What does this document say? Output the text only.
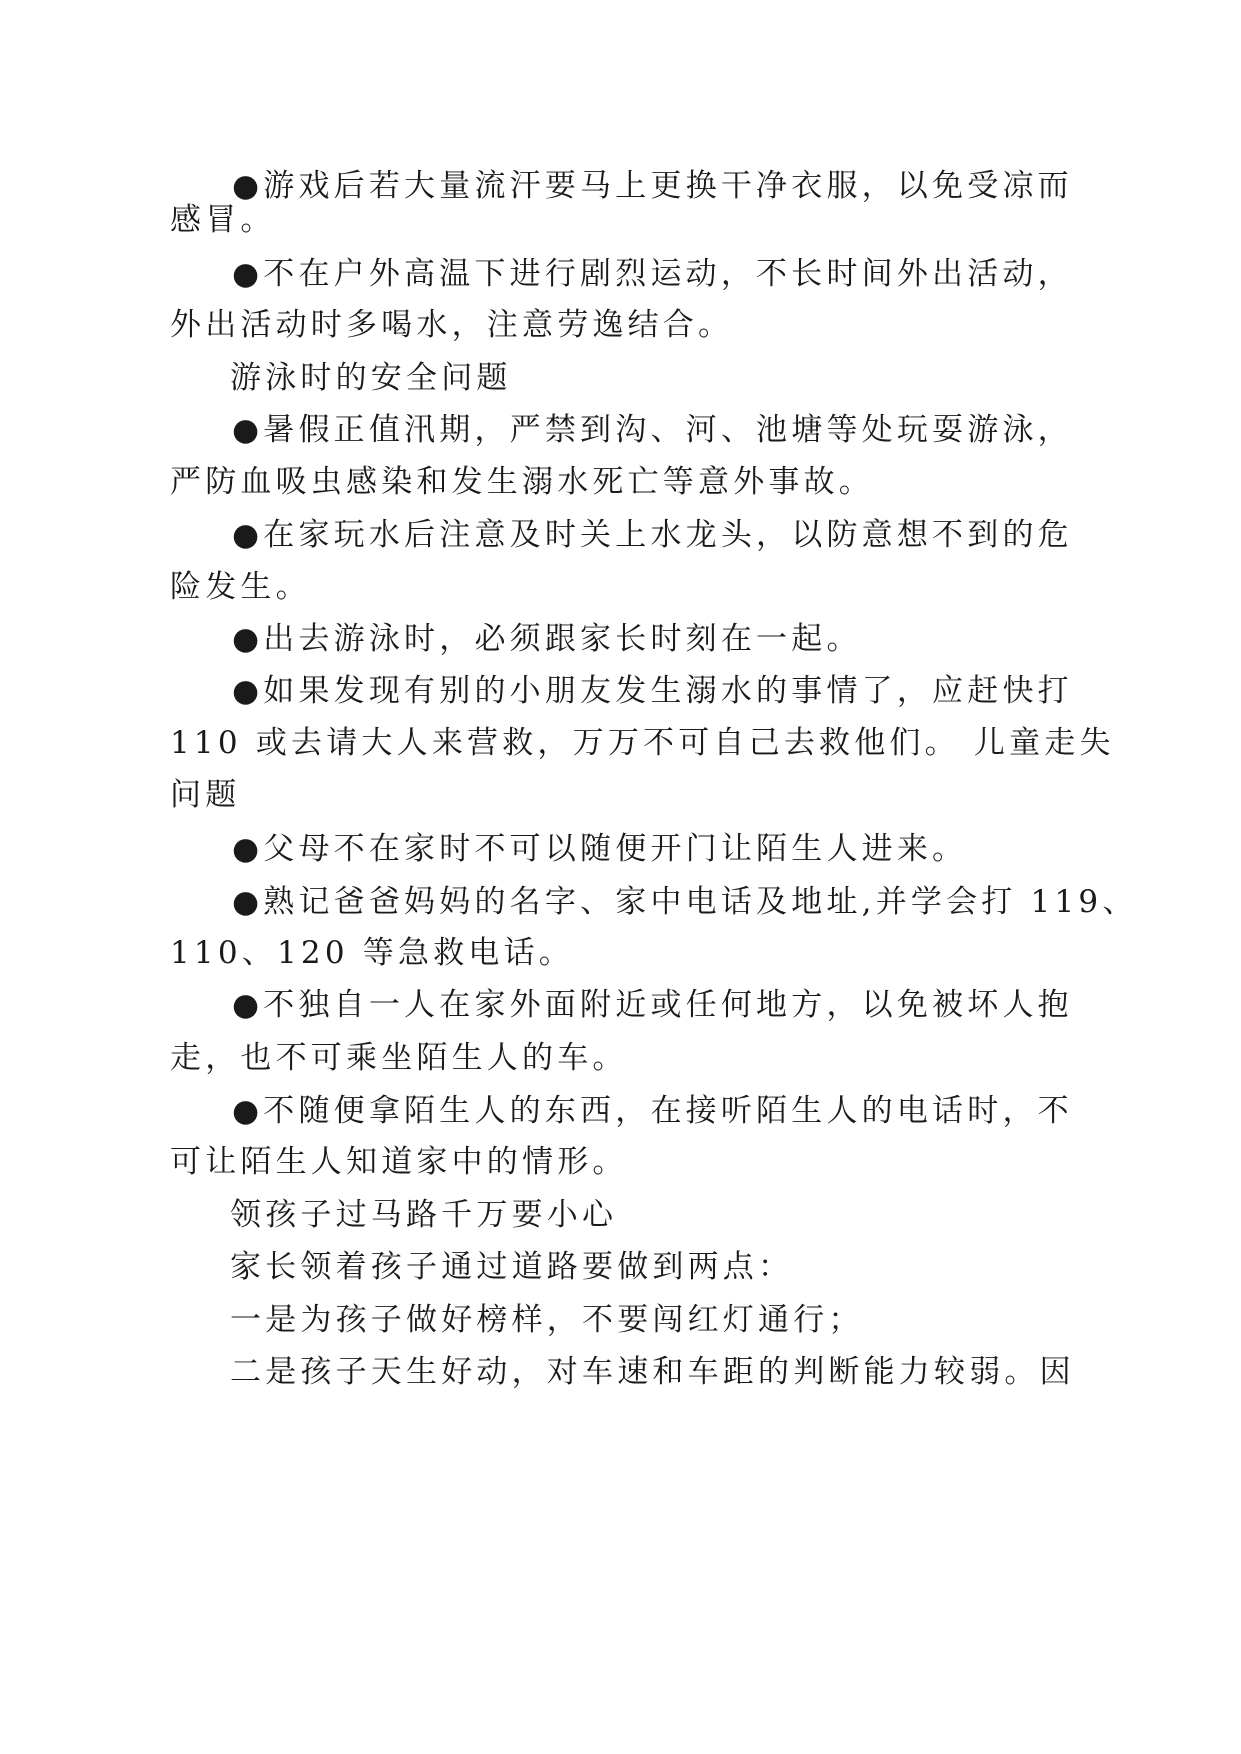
●游戏后若大量流汗要马上更换干净衣服，以免受凉而
感冒。
●不在户外高温下进行剧烈运动，不长时间外出活动，
外出活动时多喝水，注意劳逸结合。
游泳时的安全问题
●暑假正值汛期，严禁到沟、河、池塘等处玩耍游泳，
严防血吸虫感染和发生溺水死亡等意外事故。
●在家玩水后注意及时关上水龙头，以防意想不到的危
险发生。
●出去游泳时，必须跟家长时刻在一起。
●如果发现有别的小朋友发生溺水的事情了，应赶快打
110 或去请大人来营救，万万不可自己去救他们。 儿童走失
问题
●父母不在家时不可以随便开门让陌生人进来。
●熟记爸爸妈妈的名字、家中电话及地址,并学会打 119、
110、120 等急救电话。
●不独自一人在家外面附近或任何地方，以免被坏人抱
走，也不可乘坐陌生人的车。
●不随便拿陌生人的东西，在接听陌生人的电话时，不
可让陌生人知道家中的情形。
领孩子过马路千万要小心
家长领着孩子通过道路要做到两点：
一是为孩子做好榜样，不要闯红灯通行；
二是孩子天生好动，对车速和车距的判断能力较弱。因
